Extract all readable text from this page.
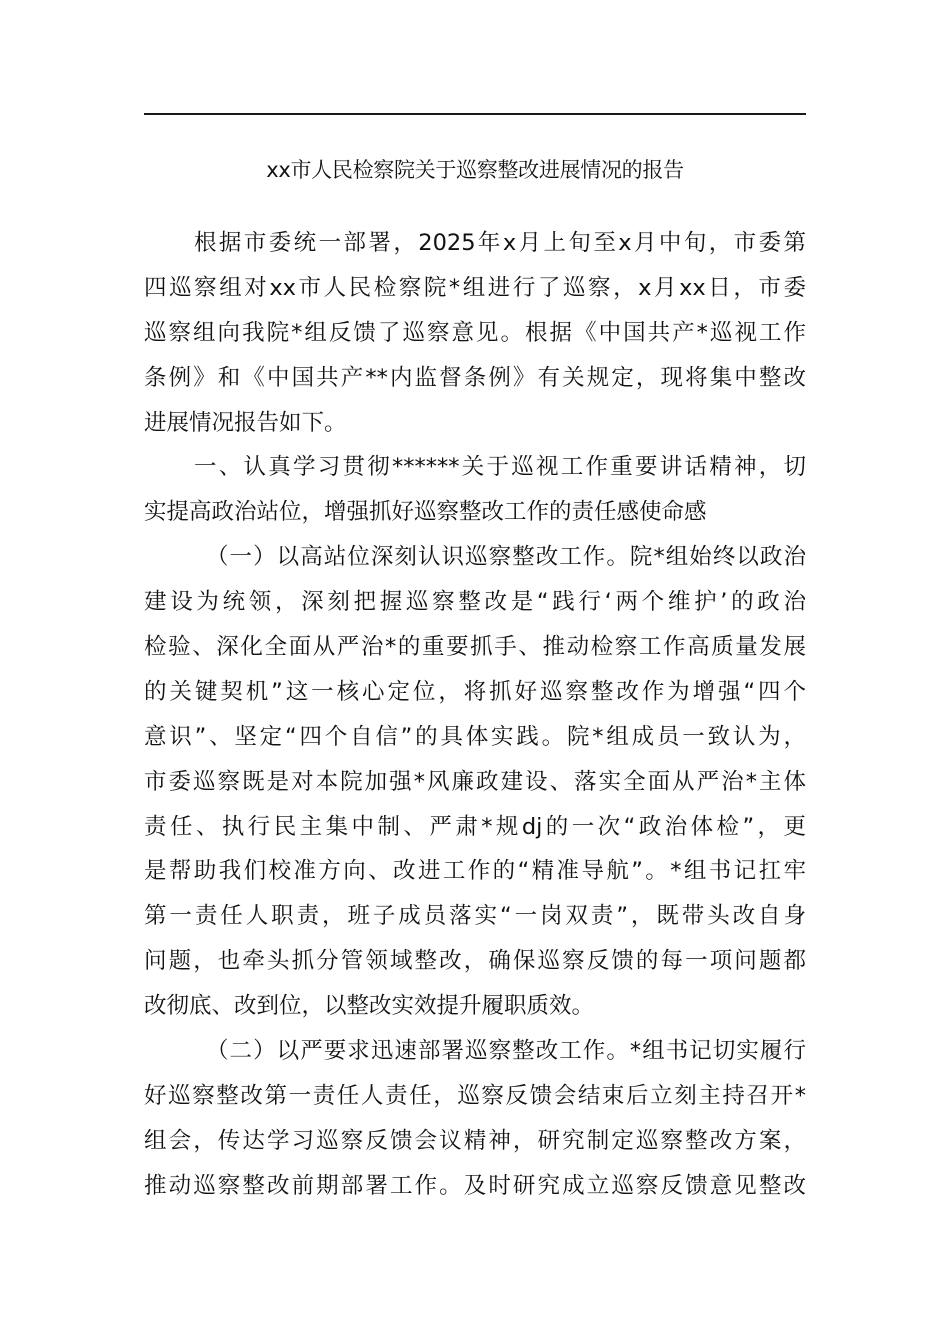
xx市人民检察院关于巡察整改进展情况的报告
根据市委统一部署，2025年x月上旬至x月中旬，市委第
四巡察组对xx市人民检察院*组进行了巡察，x月xx日，市委
巡察组向我院*组反馈了巡察意见。根据《中国共产*巡视工作
条例》和《中国共产**内监督条例》有关规定，现将集中整改
进展情况报告如下。
一、认真学习贯彻******关于巡视工作重要讲话精神，切
实提高政治站位，增强抓好巡察整改工作的责任感使命感
（一）以高站位深刻认识巡察整改工作。院*组始终以政治
建设为统领，深刻把握巡察整改是“践行‘两个维护’的政治
检验、深化全面从严治*的重要抓手、推动检察工作高质量发展
的关键契机”这一核心定位，将抓好巡察整改作为增强“四个
意识”、坚定“四个自信”的具体实践。院*组成员一致认为，
市委巡察既是对本院加强*风廉政建设、落实全面从严治*主体
责任、执行民主集中制、严肃*规dj的一次“政治体检”，更
是帮助我们校准方向、改进工作的“精准导航”。*组书记扛牢
第一责任人职责，班子成员落实“一岗双责”，既带头改自身
问题，也牵头抓分管领域整改，确保巡察反馈的每一项问题都
改彻底、改到位，以整改实效提升履职质效。
（二）以严要求迅速部署巡察整改工作。*组书记切实履行
好巡察整改第一责任人责任，巡察反馈会结束后立刻主持召开*
组会，传达学习巡察反馈会议精神，研究制定巡察整改方案，
推动巡察整改前期部署工作。及时研究成立巡察反馈意见整改
